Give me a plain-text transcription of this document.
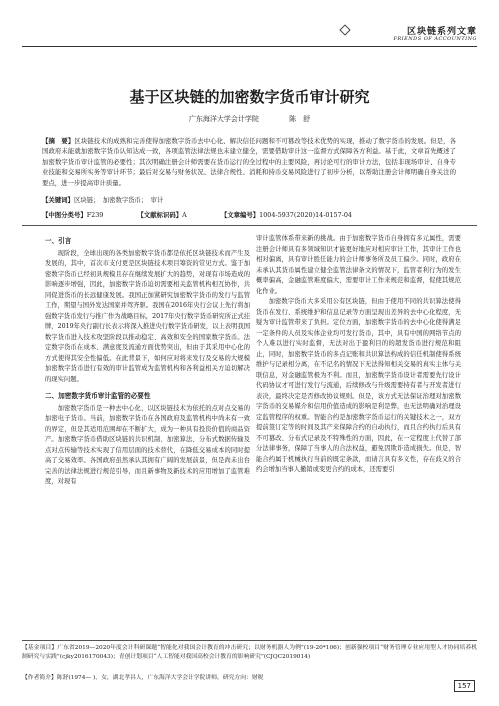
区块链系列文章
FRIENDS OF ACCOUNTING
基于区块链的加密数字货币审计研究
广东海洋大学会计学院	陈　舒
【摘　要】区块链技术的成熟和完善使得加密数字货币去中心化、解决信任问题和不可篡改等技术优势的实现，推动了数字货币的发展。但是，各国政府未能就加密数字货币认知达成一致，各项监管法律法规也未建立健全，需要借助审计这一监督方式保障各方利益。基于此，文章首先概述了加密数字货币审计监管的必要性；其次明确注册会计师需要在货币运行的全过程中的主要风险，再讨论可行的审计方法，包括非现场审计、自身专业技能和交易所实务等审计环节；最后对交易与财务状况、法律合规性、消耗和持币交易风险进行了初步分析，以帮助注册会计师明确自身关注的要点，进一步提高审计质量。
【关键词】区块链；　加密数字货币；　审计
【中图分类号】F239	【文献标识码】A	【文章编号】1004-5937(2020)14-0157-04
一、引言

现阶段，全球出现的各类加密数字货币都是依托区块链技术而产生及发展的，其中，首次市支付更是区块链技术项目筹资的常见方式。鉴于加密数字货币已经初具规模且存在继续发展扩大的趋势，对现有市场造成的影响逐步增强，因此，加密数字货币迫切需要相关监管机构相互协作，共同促进货币的长远健康发展。我国正加紧研究加密数字货币的发行与监管工作，期望与国外发达国家并驾齐驱。我国在2016年央行会议上先行将加强数字货币发行与推广作为战略目标，2017年央行数字货币研究所正式挂牌，2019年央行副行长表示将深入推进央行数字货币研发，以上表明我国数字货币进入技术攻坚阶段以推动稳定、高效和安全的国家数字货币。法定数字货币在成本、满意度及流通方面优势突出，但由于其采用中心化的方式使得其安全性偏低。在此背景下，如何应对将来发行及交易的大规模加密数字货币进行有效的审计监管成为监管机构和各利益相关方迫切解决的现实问题。

二、加密数字货币审计监管的必要性

加密数字货币是一种去中心化、以区块链技术为依托的点对点交易的加密电子货币。当前，加密数字货币在各国政府及监管机构中尚未有一致的界定，但是其适用范围却在不断扩大，成为一种具有投资价值的商品资产。加密数字货币借助区块链的共识机制、加密算法、分布式数据传输及点对点传输等技术实现了信用层面的技术替代，在降低交易成本的同时提高了交易效率。各国政府虽然承认其拥有广阔的发展前景，但是尚未出台完善的法律法规进行规范引导，而且新事物及新技术的应用增加了监管难度，对现有

审计监管体系带来新的挑战。由于加密数字货币自身拥有多元属性，需要注册会计师具有多领域知识才能更好地应对相应审计工作，其审计工作也相对偏离，具有审计胜任能力的会计师事务所及员工偏少。同时，政府在未承认其货币属性建立健全监管法律条文的情况下，监管者利行为的发生概率偏高，金融监管难度偏大，需要审计工作来规范和监督，促使其规范化作业。

加密数字货币大多采用公有区块链，但由于使用不同的共识算法使得货币在发行、系统维护和信息记录等方面呈现出差异的去中心化程度，无疑为审计监管带来了负担。定位方面，加密数字货币的去中心化使得满足一定条件的人员及实体企业均可发行货币，其中，具有中国的网络节点的个人难以进行实时监督，无法对出于盈利目的的超发货币进行规范和阻止，同时，加密数字货币的多点记账和共识算法构成的信任机制使得系统维护与记录相分离，在不记名的情况下无法得知相关交易的真实主体与关联信息，对金融监管极为不利。而且，加密数字货币设计者需要先行设计代码协议才可进行发行与流通，后续修改与升级需要持有者与开发者进行表决，最终决定是否修改协议规则。但是，该方式无法保证治理对加密数字货币的交易媒介和信用价值造成的影响是利是弊，也无法明确对治理设定监管程序的权重。智能合约是加密数字货币运行的关键技术之一，双方提前签订定等的时间及其产来保障合约的自动执行，而且合约执行后具有不可篡改、分布式记录及不特殊性的方面，因此，在一定程度上代替了部分法律事务，保障了当事人的合法权益，避免因欺诈造成损失。但是，智能合约属于机械执行当前的既定条款，而请言具有多义性，存在歧义的合约会增加当事人撤销或变更合约的成本，还需要引

【基金项目】广东省2019—2020年度会计科研课题“智能化对我国会计教育的冲击研究；以财务机器人为例”(19-20*106)；创新强校项目“财务管理专业应用型人才协同培养机制研究与实践”(cjky2016170043)；青创计划项目“人工智能对我国高校会计教育的影响研究”(CJQC2019014)
【作者简介】陈舒(1974— )，女，湖北孝昌人，广东海洋大学会计学院讲师，研究方向：财税
157
